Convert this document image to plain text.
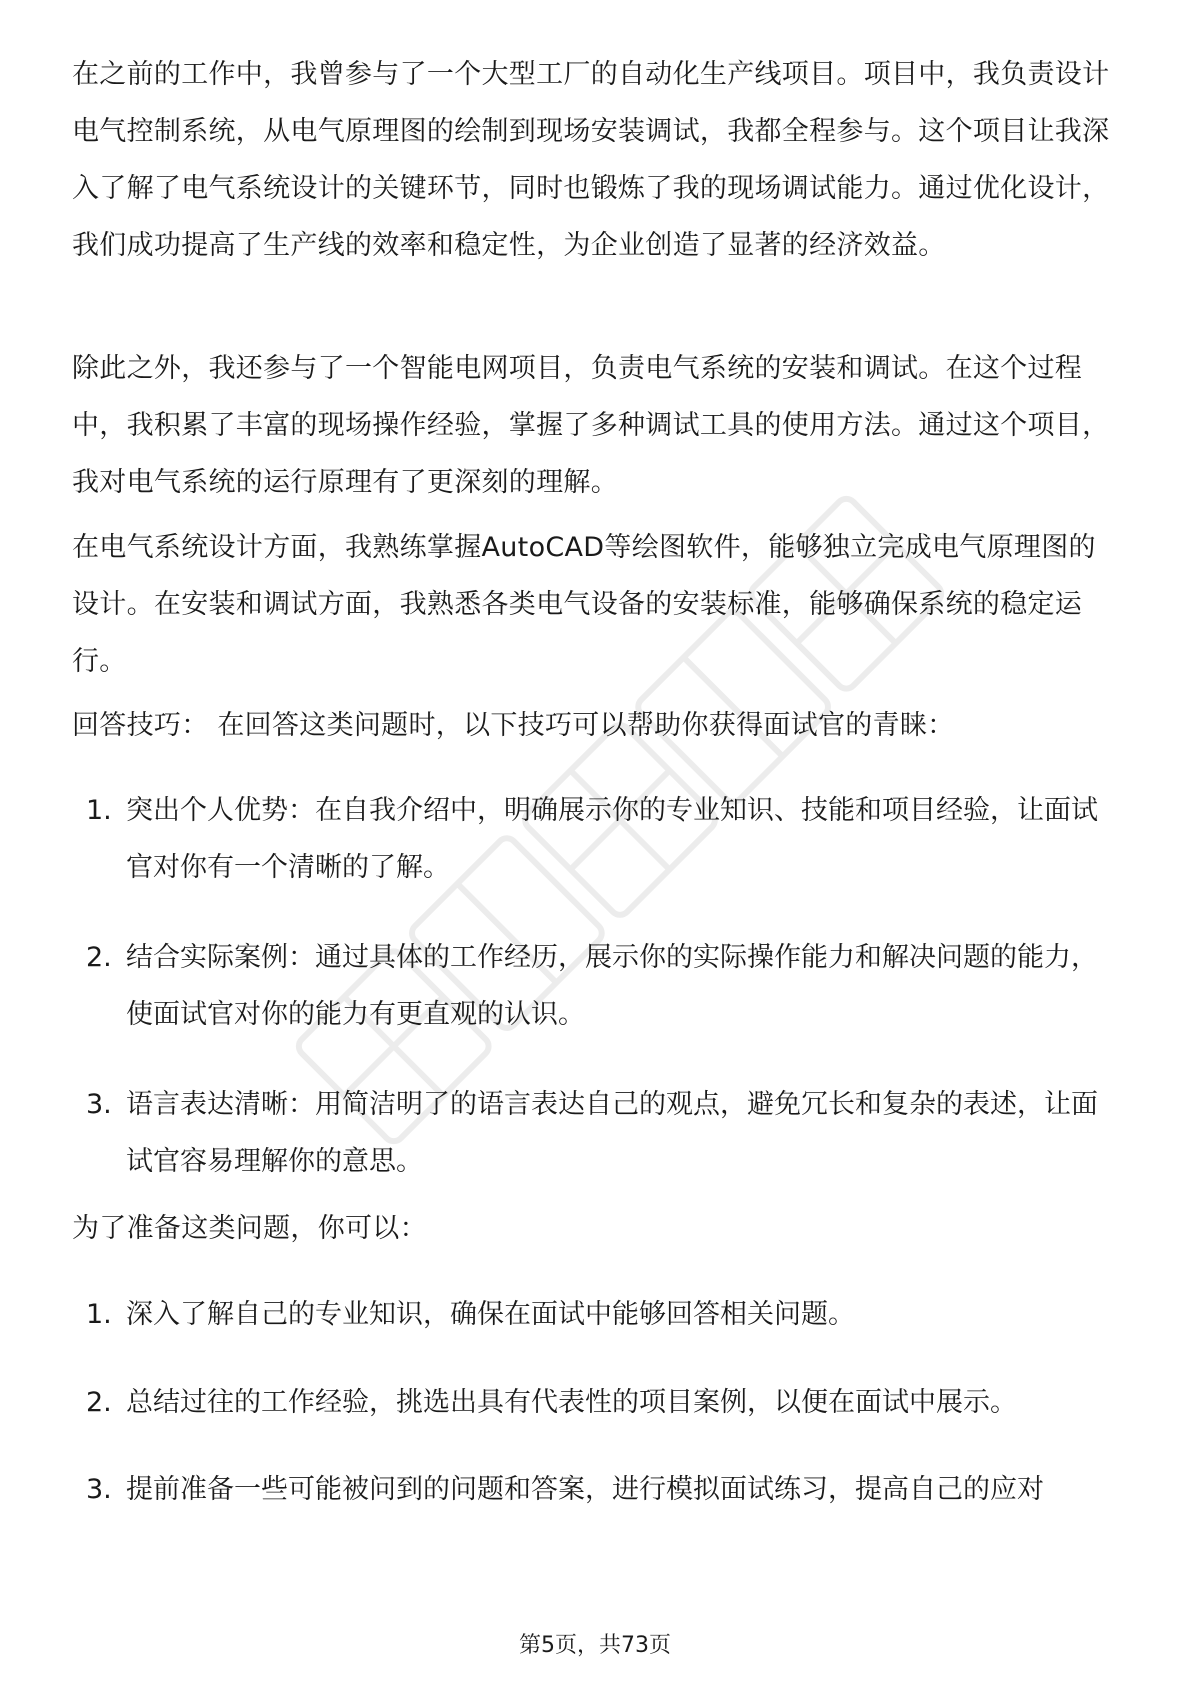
在之前的工作中，我曾参与了一个大型工厂的自动化生产线项目。项目中，我负责设计电气控制系统，从电气原理图的绘制到现场安装调试，我都全程参与。这个项目让我深入了解了电气系统设计的关键环节，同时也锻炼了我的现场调试能力。通过优化设计，我们成功提高了生产线的效率和稳定性，为企业创造了显著的经济效益。

除此之外，我还参与了一个智能电网项目，负责电气系统的安装和调试。在这个过程中，我积累了丰富的现场操作经验，掌握了多种调试工具的使用方法。通过这个项目，我对电气系统的运行原理有了更深刻的理解。

在电气系统设计方面，我熟练掌握AutoCAD等绘图软件，能够独立完成电气原理图的设计。在安装和调试方面，我熟悉各类电气设备的安装标准，能够确保系统的稳定运行。

回答技巧： 在回答这类问题时，以下技巧可以帮助你获得面试官的青睐：

1. 突出个人优势：在自我介绍中，明确展示你的专业知识、技能和项目经验，让面试官对你有一个清晰的了解。
2. 结合实际案例：通过具体的工作经历，展示你的实际操作能力和解决问题的能力，使面试官对你的能力有更直观的认识。
3. 语言表达清晰：用简洁明了的语言表达自己的观点，避免冗长和复杂的表述，让面试官容易理解你的意思。

为了准备这类问题，你可以：

1. 深入了解自己的专业知识，确保在面试中能够回答相关问题。
2. 总结过往的工作经验，挑选出具有代表性的项目案例，以便在面试中展示。
3. 提前准备一些可能被问到的问题和答案，进行模拟面试练习，提高自己的应对
第5页，共73页
